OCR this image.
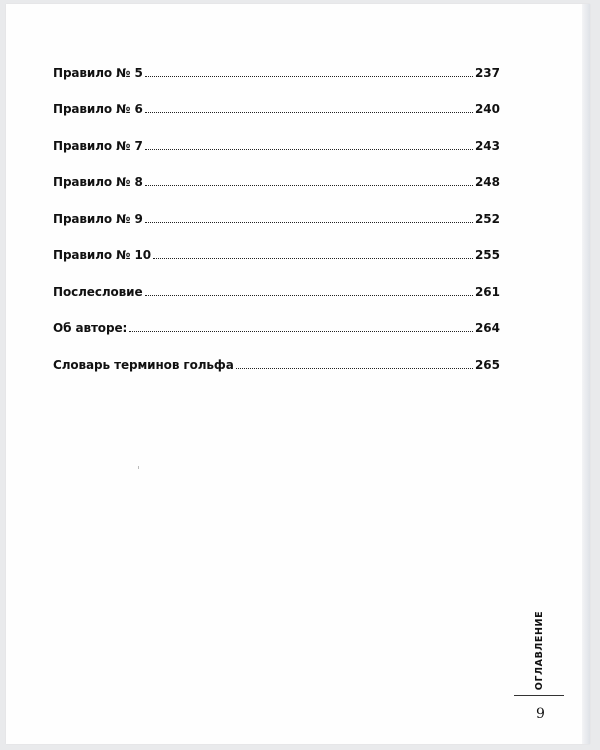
Правило № 5	237
Правило № 6	240
Правило № 7	243
Правило № 8	248
Правило № 9	252
Правило № 10	255
Послесловие	261
Об авторе:	264
Словарь терминов гольфа	265
ОГЛАВЛЕНИЕ
9
